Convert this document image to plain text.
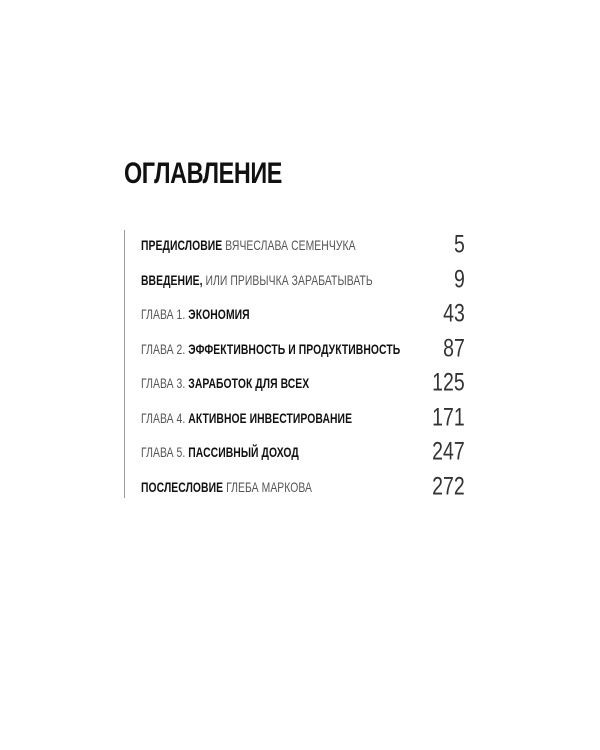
ОГЛАВЛЕНИЕ
ПРЕДИСЛОВИЕ ВЯЧЕСЛАВА СЕМЕНЧУКА	5
ВВЕДЕНИЕ, ИЛИ ПРИВЫЧКА ЗАРАБАТЫВАТЬ	9
ГЛАВА 1. ЭКОНОМИЯ	43
ГЛАВА 2. ЭФФЕКТИВНОСТЬ И ПРОДУКТИВНОСТЬ 87
ГЛАВА 3. ЗАРАБОТОК ДЛЯ ВСЕХ	125
ГЛАВА 4. АКТИВНОЕ ИНВЕСТИРОВАНИЕ	171
ГЛАВА 5. ПАССИВНЫЙ ДОХОД	247
ПОСЛЕСЛОВИЕ ГЛЕБА МАРКОВА	272
